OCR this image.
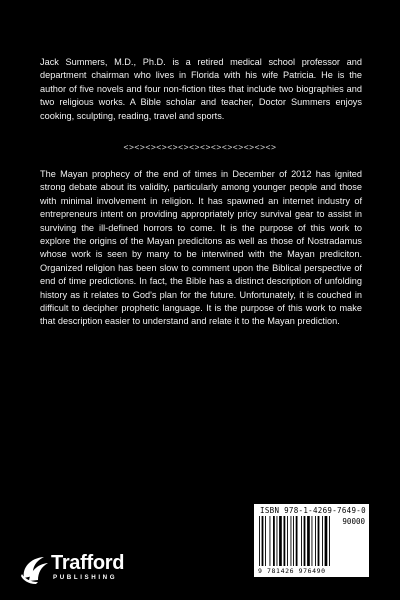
Jack Summers, M.D., Ph.D. is a retired medical school professor and department chairman who lives in Florida with his wife Patricia. He is the author of five novels and four non-fiction tites that include two biographies and two religious works. A Bible scholar and teacher, Doctor Summers enjoys cooking, sculpting, reading, travel and sports.

<><><><><><><><><><><><><><>

The Mayan prophecy of the end of times in December of 2012 has ignited strong debate about its validity, particularly among younger people and those with minimal involvement in religion. It has spawned an internet industry of entrepreneurs intent on providing appropriately pricy survival gear to assist in surviving the ill-defined horrors to come. It is the purpose of this work to explore the origins of the Mayan predicitons as well as those of Nostradamus whose work is seen by many to be interwined with the Mayan prediciton. Organized religion has been slow to comment upon the Biblical perspective of end of time predictions. In fact, the Bible has a distinct description of unfolding history as it relates to God's plan for the future. Unfortunately, it is couched in difficult to decipher prophetic language. It is the purpose of this work to make that description easier to understand and relate it to the Mayan prediction.

ISBN 978-1-4269-7649-0
90000
9 781426 976490
Trafford
PUBLISHING
